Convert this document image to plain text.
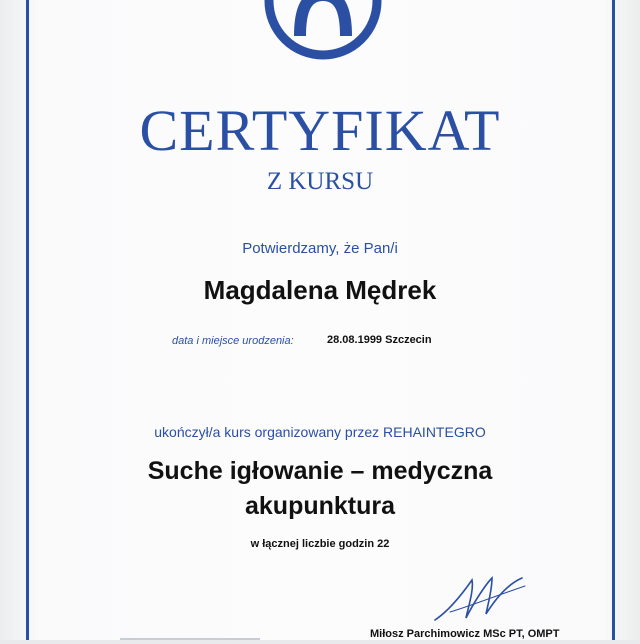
CERTYFIKAT
Z KURSU
Potwierdzamy, że Pan/i
Magdalena Mędrek
data i miejsce urodzenia:	28.08.1999 Szczecin
ukończył/a kurs organizowany przez REHAINTEGRO
Suche igłowanie – medyczna
akupunktura
w łącznej liczbie godzin 22
Miłosz Parchimowicz MSc PT, OMPT
